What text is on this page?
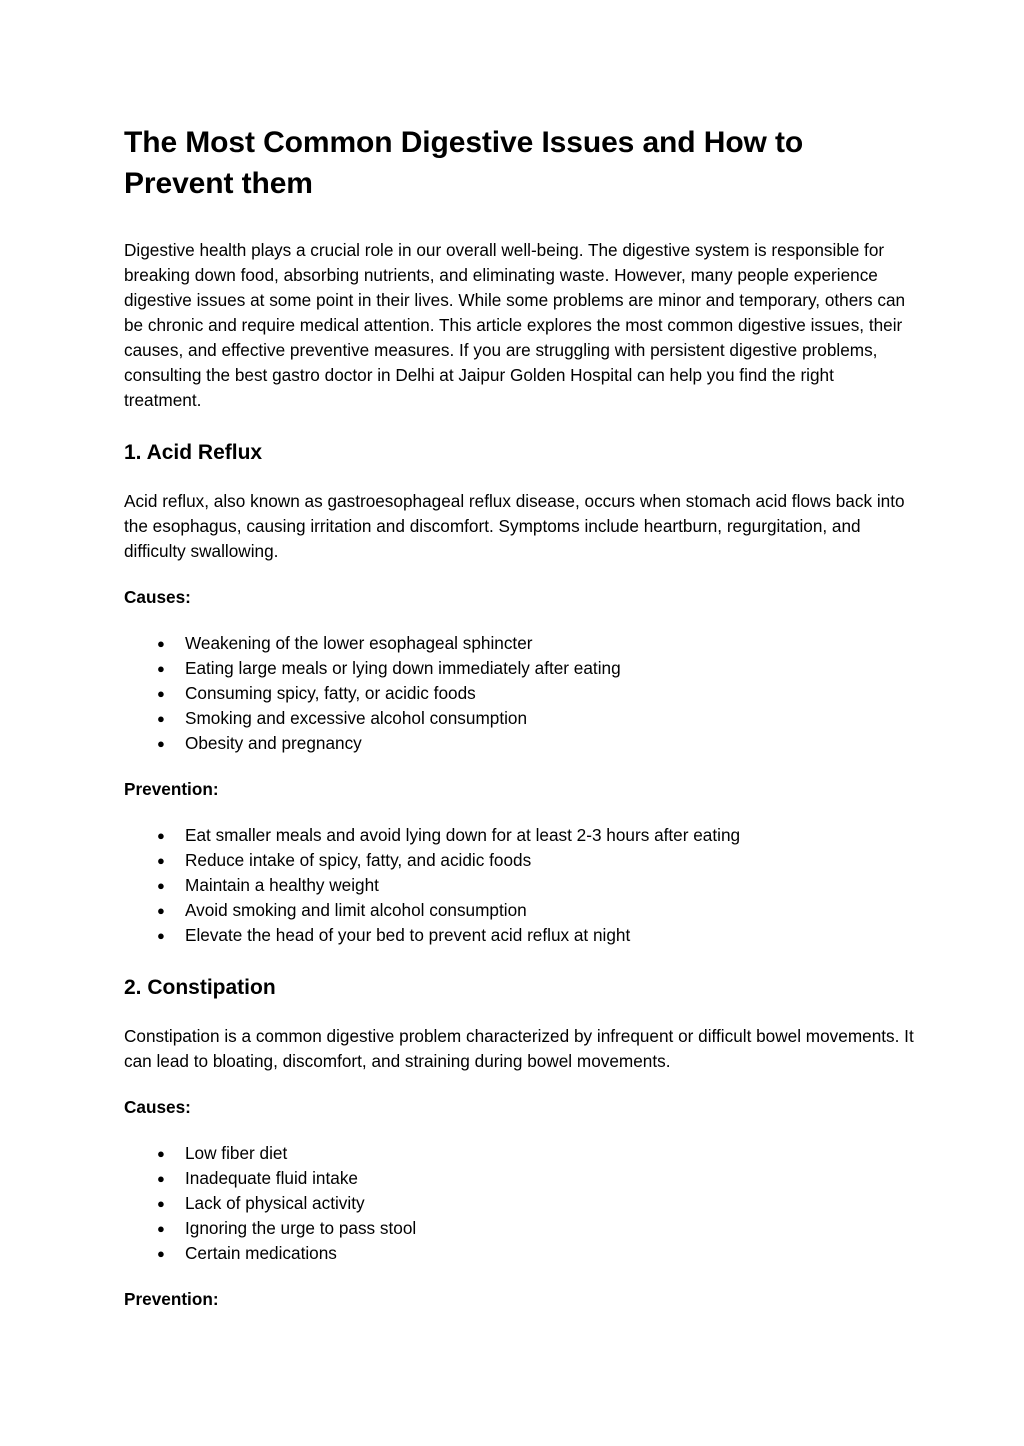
The Most Common Digestive Issues and How to Prevent them

Digestive health plays a crucial role in our overall well-being. The digestive system is responsible for breaking down food, absorbing nutrients, and eliminating waste. However, many people experience digestive issues at some point in their lives. While some problems are minor and temporary, others can be chronic and require medical attention. This article explores the most common digestive issues, their causes, and effective preventive measures. If you are struggling with persistent digestive problems, consulting the best gastro doctor in Delhi at Jaipur Golden Hospital can help you find the right treatment.

1. Acid Reflux

Acid reflux, also known as gastroesophageal reflux disease, occurs when stomach acid flows back into the esophagus, causing irritation and discomfort. Symptoms include heartburn, regurgitation, and difficulty swallowing.

Causes:

● Weakening of the lower esophageal sphincter
● Eating large meals or lying down immediately after eating
● Consuming spicy, fatty, or acidic foods
● Smoking and excessive alcohol consumption
● Obesity and pregnancy

Prevention:

● Eat smaller meals and avoid lying down for at least 2-3 hours after eating
● Reduce intake of spicy, fatty, and acidic foods
● Maintain a healthy weight
● Avoid smoking and limit alcohol consumption
● Elevate the head of your bed to prevent acid reflux at night
2. Constipation

Constipation is a common digestive problem characterized by infrequent or difficult bowel movements. It can lead to bloating, discomfort, and straining during bowel movements.

Causes:

● Low fiber diet
● Inadequate fluid intake
● Lack of physical activity
● Ignoring the urge to pass stool
● Certain medications

Prevention:
